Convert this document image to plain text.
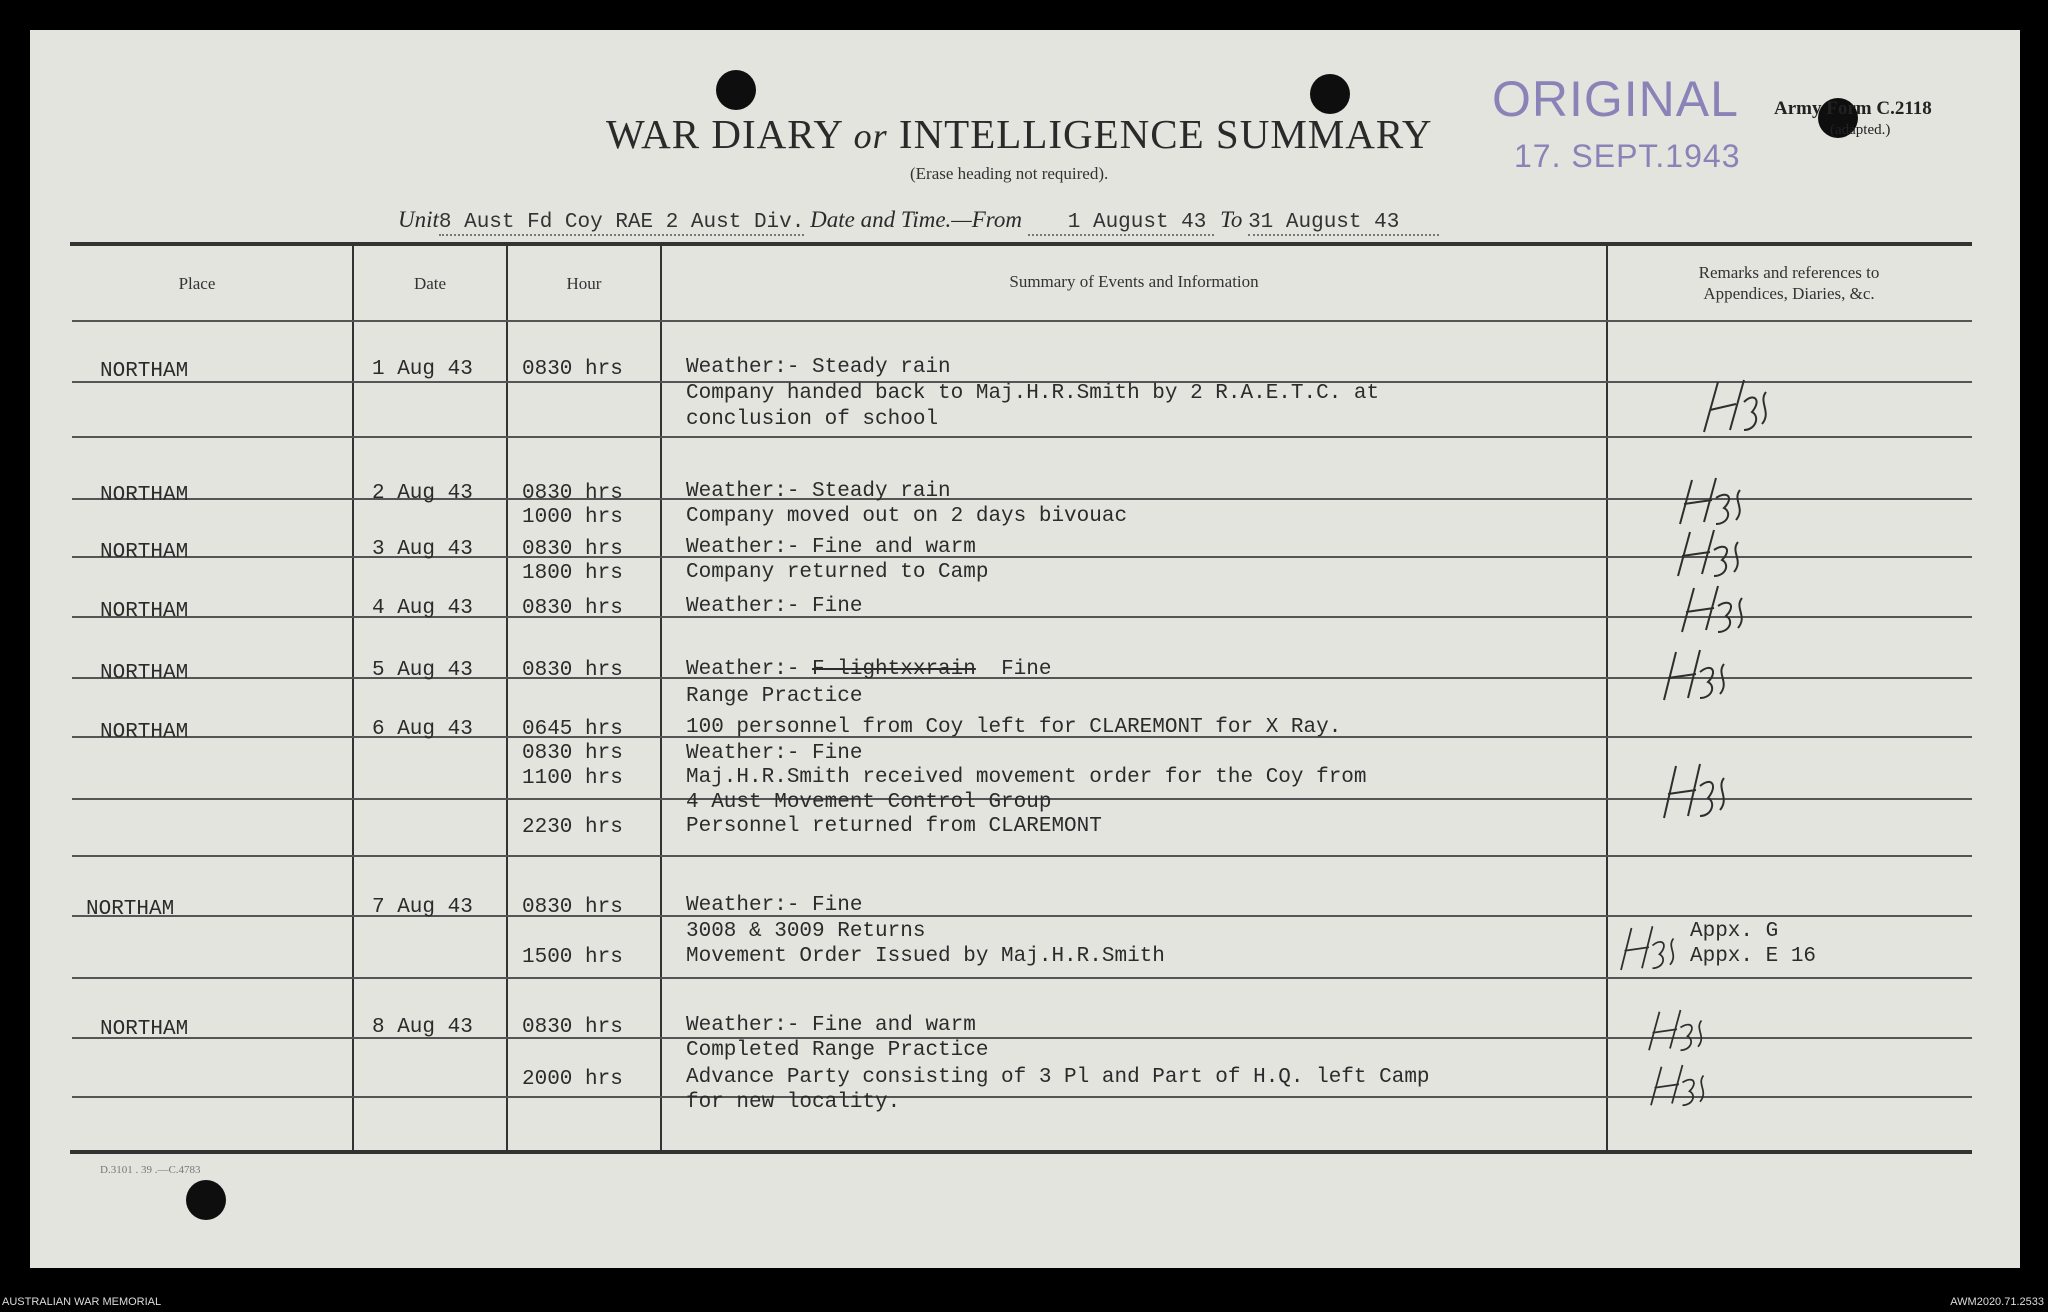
WAR DIARY or INTELLIGENCE SUMMARY
(Erase heading not required).
ORIGINAL
17. SEPT.1943
Army Form C.2118
(adapted.)
Unit8 Aust Fd Coy RAE 2 Aust Div. Date and Time.—From 1 August 43 To 31 August 43
Place	Date	Hour	Summary of Events and Information	Remarks and references to
Appendices, Diaries, &c.
NORTHAM	1 Aug 43 0830 hrs	Weather:- Steady rain
Company handed back to Maj.H.R.Smith by 2 R.A.E.T.C. at
conclusion of school
NORTHAM	2 Aug 43 0830 hrs	Weather:- Steady rain
1000 hrs	Company moved out on 2 days bivouac
NORTHAM	3 Aug 43 0830 hrs	Weather:- Fine and warm
1800 hrs	Company returned to Camp
NORTHAM	4 Aug 43 0830 hrs	Weather:- Fine
NORTHAM	5 Aug 43 0830 hrs	Weather:- F lightxxrain  Fine
Range Practice
NORTHAM	6 Aug 43 0645 hrs	100 personnel from Coy left for CLAREMONT for X Ray.
0830 hrs	Weather:- Fine
1100 hrs	Maj.H.R.Smith received movement order for the Coy from
4 Aust Movement Control Group
2230 hrs	Personnel returned from CLAREMONT
NORTHAM	7 Aug 43 0830 hrs	Weather:- Fine
3008 & 3009 Returns	Appx. G
1500 hrs	Movement Order Issued by Maj.H.R.Smith	Appx. E 16
NORTHAM	8 Aug 43 0830 hrs	Weather:- Fine and warm
Completed Range Practice
2000 hrs	Advance Party consisting of 3 Pl and Part of H.Q. left Camp
for new locality.
D.3101 . 39 .—C.4783
AUSTRALIAN WAR MEMORIAL	AWM2020.71.2533
